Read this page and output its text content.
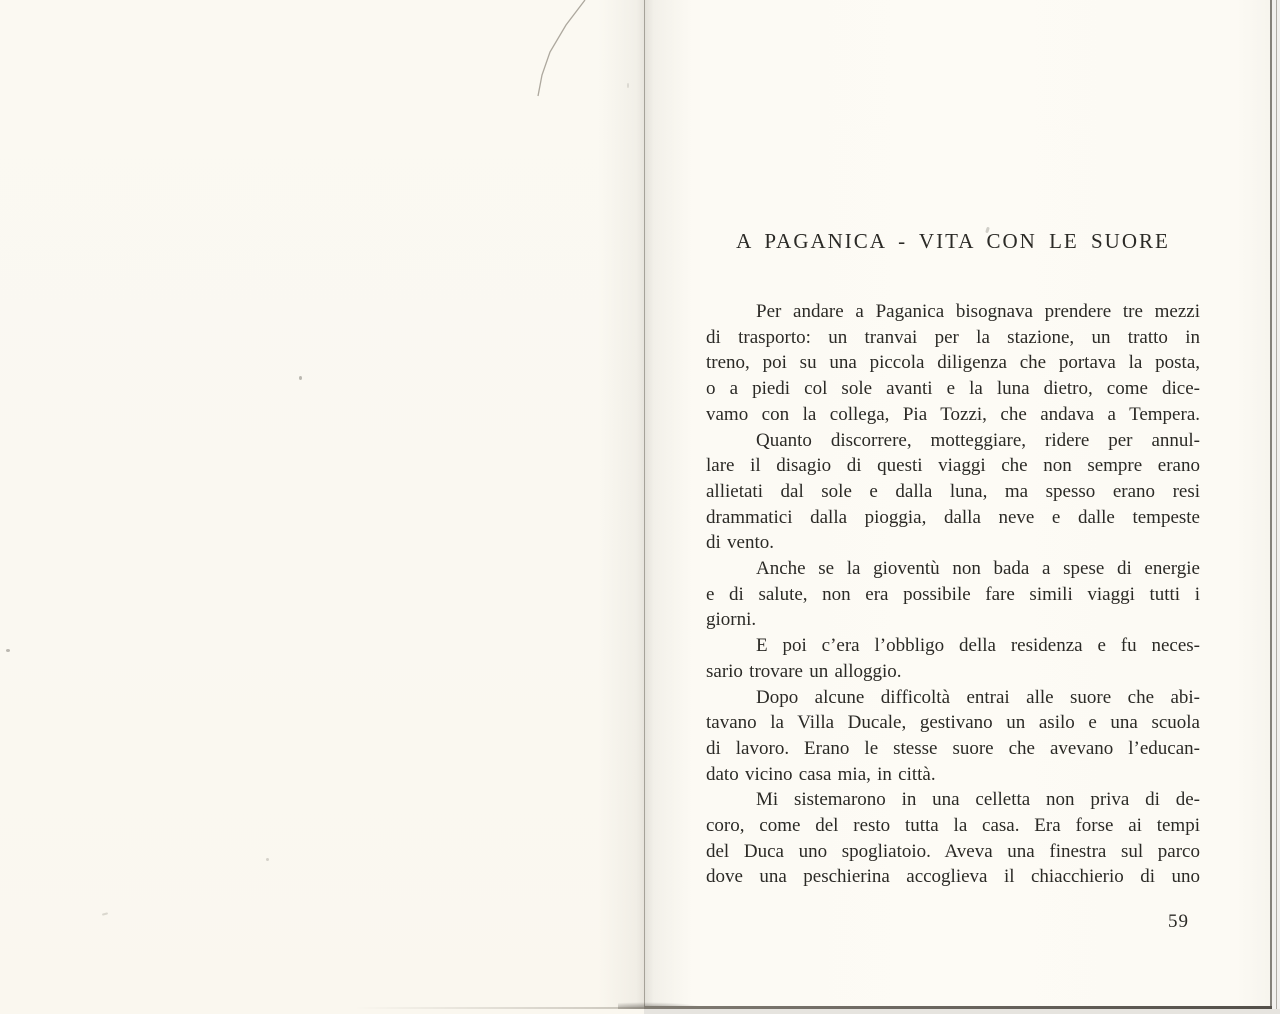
A PAGANICA - VITA CON LE SUORE
Per andare a Paganica bisognava prendere tre mezzi
di trasporto: un tranvai per la stazione, un tratto in
treno, poi su una piccola diligenza che portava la posta,
o a piedi col sole avanti e la luna dietro, come dice-
vamo con la collega, Pia Tozzi, che andava a Tempera.
Quanto discorrere, motteggiare, ridere per annul-
lare il disagio di questi viaggi che non sempre erano
allietati dal sole e dalla luna, ma spesso erano resi
drammatici dalla pioggia, dalla neve e dalle tempeste
di vento.
Anche se la gioventù non bada a spese di energie
e di salute, non era possibile fare simili viaggi tutti i
giorni.
E poi c’era l’obbligo della residenza e fu neces-
sario trovare un alloggio.
Dopo alcune difficoltà entrai alle suore che abi-
tavano la Villa Ducale, gestivano un asilo e una scuola
di lavoro. Erano le stesse suore che avevano l’educan-
dato vicino casa mia, in città.
Mi sistemarono in una celletta non priva di de-
coro, come del resto tutta la casa. Era forse ai tempi
del Duca uno spogliatoio. Aveva una finestra sul parco
dove una peschierina accoglieva il chiacchierio di uno
59
